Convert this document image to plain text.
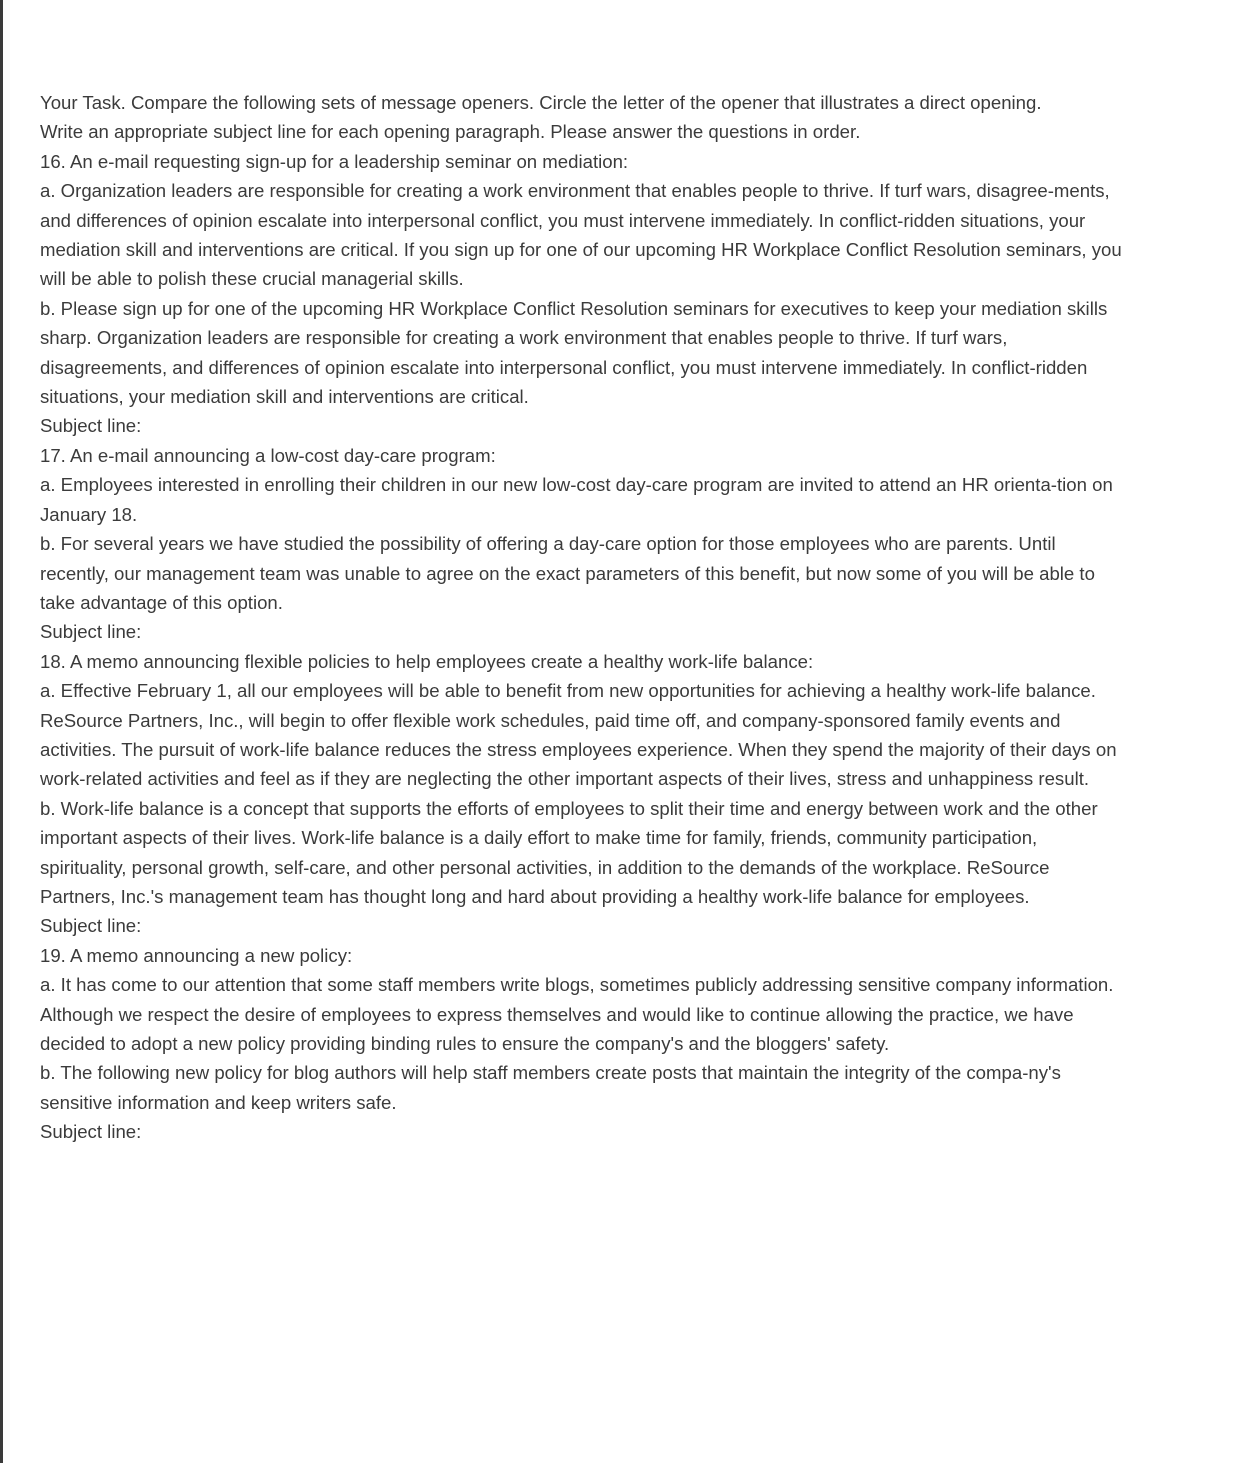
Your Task. Compare the following sets of message openers. Circle the letter of the opener that illustrates a direct opening.
Write an appropriate subject line for each opening paragraph. Please answer the questions in order.
16. An e-mail requesting sign-up for a leadership seminar on mediation:
a. Organization leaders are responsible for creating a work environment that enables people to thrive. If turf wars, disagree-ments,
and differences of opinion escalate into interpersonal conflict, you must intervene immediately. In conflict-ridden situations, your
mediation skill and interventions are critical. If you sign up for one of our upcoming HR Workplace Conflict Resolution seminars, you
will be able to polish these crucial managerial skills.
b. Please sign up for one of the upcoming HR Workplace Conflict Resolution seminars for executives to keep your mediation skills
sharp. Organization leaders are responsible for creating a work environment that enables people to thrive. If turf wars,
disagreements, and differences of opinion escalate into interpersonal conflict, you must intervene immediately. In conflict-ridden
situations, your mediation skill and interventions are critical.
Subject line:
17. An e-mail announcing a low-cost day-care program:
a. Employees interested in enrolling their children in our new low-cost day-care program are invited to attend an HR orienta-tion on
January 18.
b. For several years we have studied the possibility of offering a day-care option for those employees who are parents. Until
recently, our management team was unable to agree on the exact parameters of this benefit, but now some of you will be able to
take advantage of this option.
Subject line:
18. A memo announcing flexible policies to help employees create a healthy work-life balance:
a. Effective February 1, all our employees will be able to benefit from new opportunities for achieving a healthy work-life balance.
ReSource Partners, Inc., will begin to offer flexible work schedules, paid time off, and company-sponsored family events and
activities. The pursuit of work-life balance reduces the stress employees experience. When they spend the majority of their days on
work-related activities and feel as if they are neglecting the other important aspects of their lives, stress and unhappiness result.
b. Work-life balance is a concept that supports the efforts of employees to split their time and energy between work and the other
important aspects of their lives. Work-life balance is a daily effort to make time for family, friends, community participation,
spirituality, personal growth, self-care, and other personal activities, in addition to the demands of the workplace. ReSource
Partners, Inc.'s management team has thought long and hard about providing a healthy work-life balance for employees.
Subject line:
19. A memo announcing a new policy:
a. It has come to our attention that some staff members write blogs, sometimes publicly addressing sensitive company information.
Although we respect the desire of employees to express themselves and would like to continue allowing the practice, we have
decided to adopt a new policy providing binding rules to ensure the company's and the bloggers' safety.
b. The following new policy for blog authors will help staff members create posts that maintain the integrity of the compa-ny's
sensitive information and keep writers safe.
Subject line:
